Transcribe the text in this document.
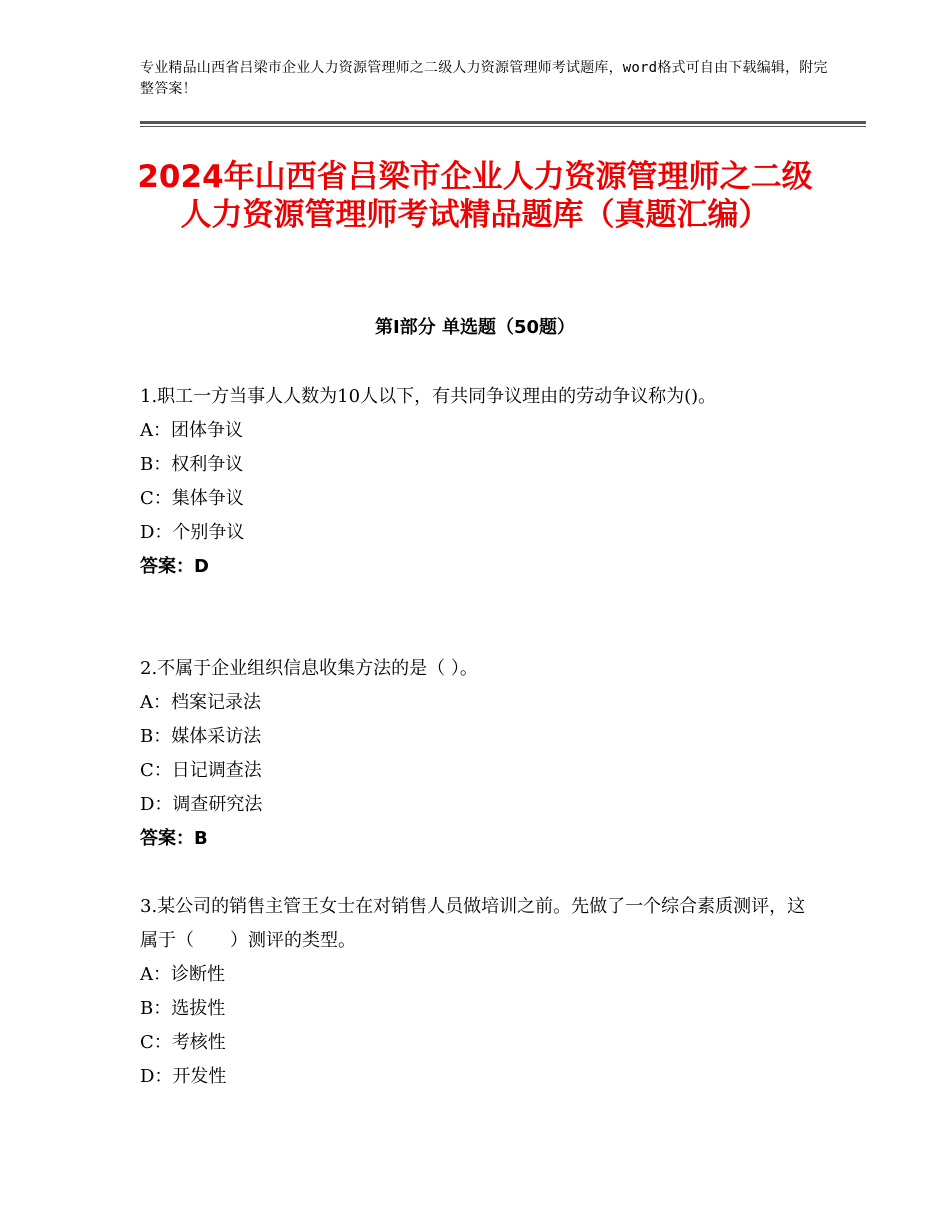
专业精品山西省吕梁市企业人力资源管理师之二级人力资源管理师考试题库，word格式可自由下载编辑，附完整答案！
2024年山西省吕梁市企业人力资源管理师之二级人力资源管理师考试精品题库（真题汇编）
第Ⅰ部分 单选题（50题）

1.职工一方当事人人数为10人以下，有共同争议理由的劳动争议称为()。

A：团体争议

B：权利争议

C：集体争议

D：个别争议

答案：D

2.不属于企业组织信息收集方法的是（ ）。

A：档案记录法

B：媒体采访法

C：日记调查法

D：调查研究法

答案：B

3.某公司的销售主管王女士在对销售人员做培训之前。先做了一个综合素质测评，这属于（　　）测评的类型。

A：诊断性

B：选拔性

C：考核性

D：开发性
